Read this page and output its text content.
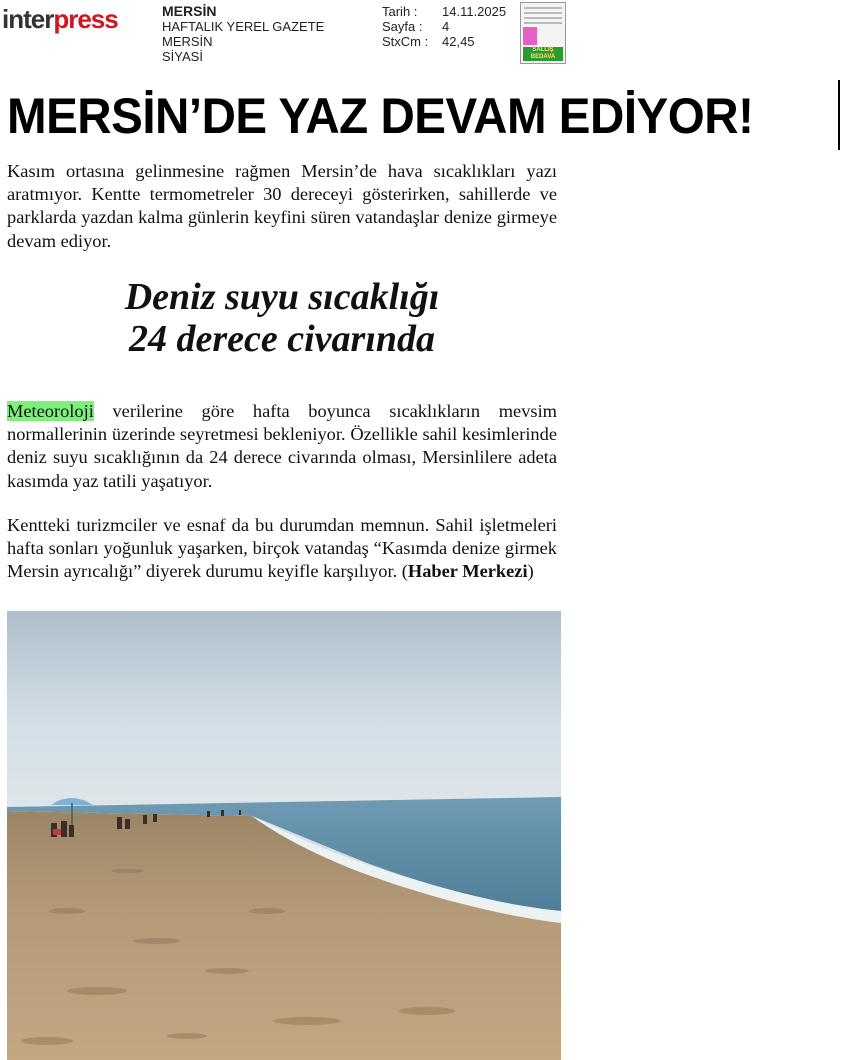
interpress	MERSİN
HAFTALIK YEREL GAZETE
MERSİN
SİYASİ
Tarih :	14.11.2025
Sayfa :	4
StxCm :	42,45
SALLIŞ BEDAVA
MERSİN’DE YAZ DEVAM EDİYOR!
Kasım ortasına gelinmesine rağmen Mersin’de hava sıcaklıkları yazı aratmıyor. Kentte termometreler 30 dereceyi gösterirken, sahillerde ve parklarda yazdan kalma günlerin keyfini süren vatandaşlar denize girmeye devam ediyor.
Deniz suyu sıcaklığı
24 derece civarında
Meteoroloji verilerine göre hafta boyunca sıcaklıkların mevsim normallerinin üzerinde seyretmesi bekleniyor. Özellikle sahil kesimlerinde deniz suyu sıcaklığının da 24 derece civarında olması, Mersinlilere adeta kasımda yaz tatili yaşatıyor.
Kentteki turizmciler ve esnaf da bu durumdan memnun. Sahil işletmeleri hafta sonları yoğunluk yaşarken, birçok vatandaş “Kasımda denize girmek Mersin ayrıcalığı” diyerek durumu keyifle karşılıyor. (Haber Merkezi)
